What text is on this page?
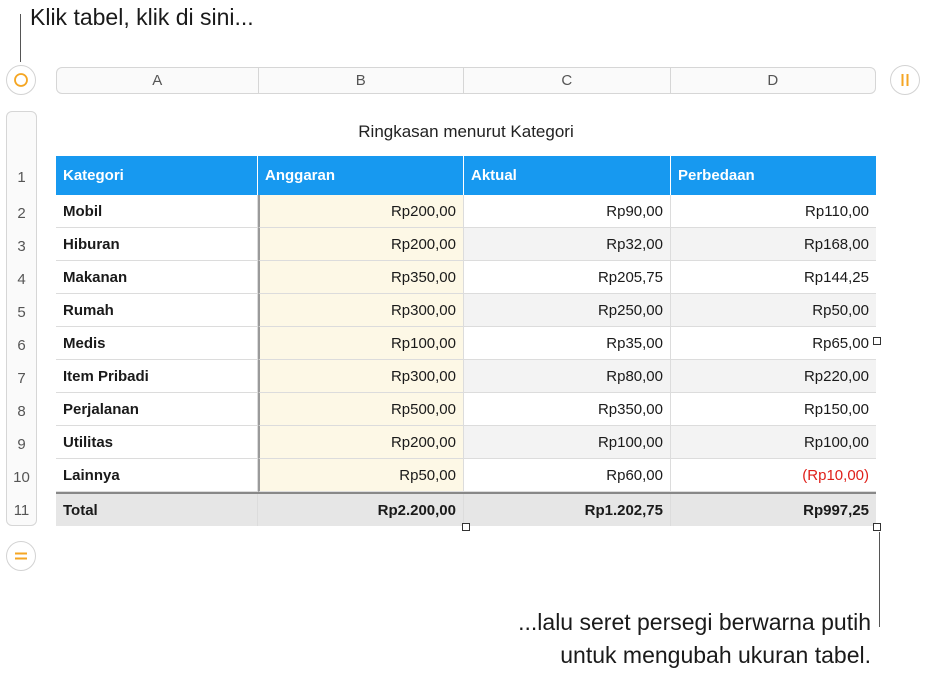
Klik tabel, klik di sini...
A	B	C	D
1
2
3
4
5
6
7
8
9
10
11
Ringkasan menurut Kategori
Kategori	Anggaran	Aktual	Perbedaan
Mobil	Rp200,00	Rp90,00	Rp110,00
Hiburan	Rp200,00	Rp32,00	Rp168,00
Makanan	Rp350,00	Rp205,75	Rp144,25
Rumah	Rp300,00	Rp250,00	Rp50,00
Medis	Rp100,00	Rp35,00	Rp65,00
Item Pribadi	Rp300,00	Rp80,00	Rp220,00
Perjalanan	Rp500,00	Rp350,00	Rp150,00
Utilitas	Rp200,00	Rp100,00	Rp100,00
Lainnya	Rp50,00	Rp60,00	(Rp10,00)
Total	Rp2.200,00	Rp1.202,75	Rp997,25
...lalu seret persegi berwarna putih
untuk mengubah ukuran tabel.
